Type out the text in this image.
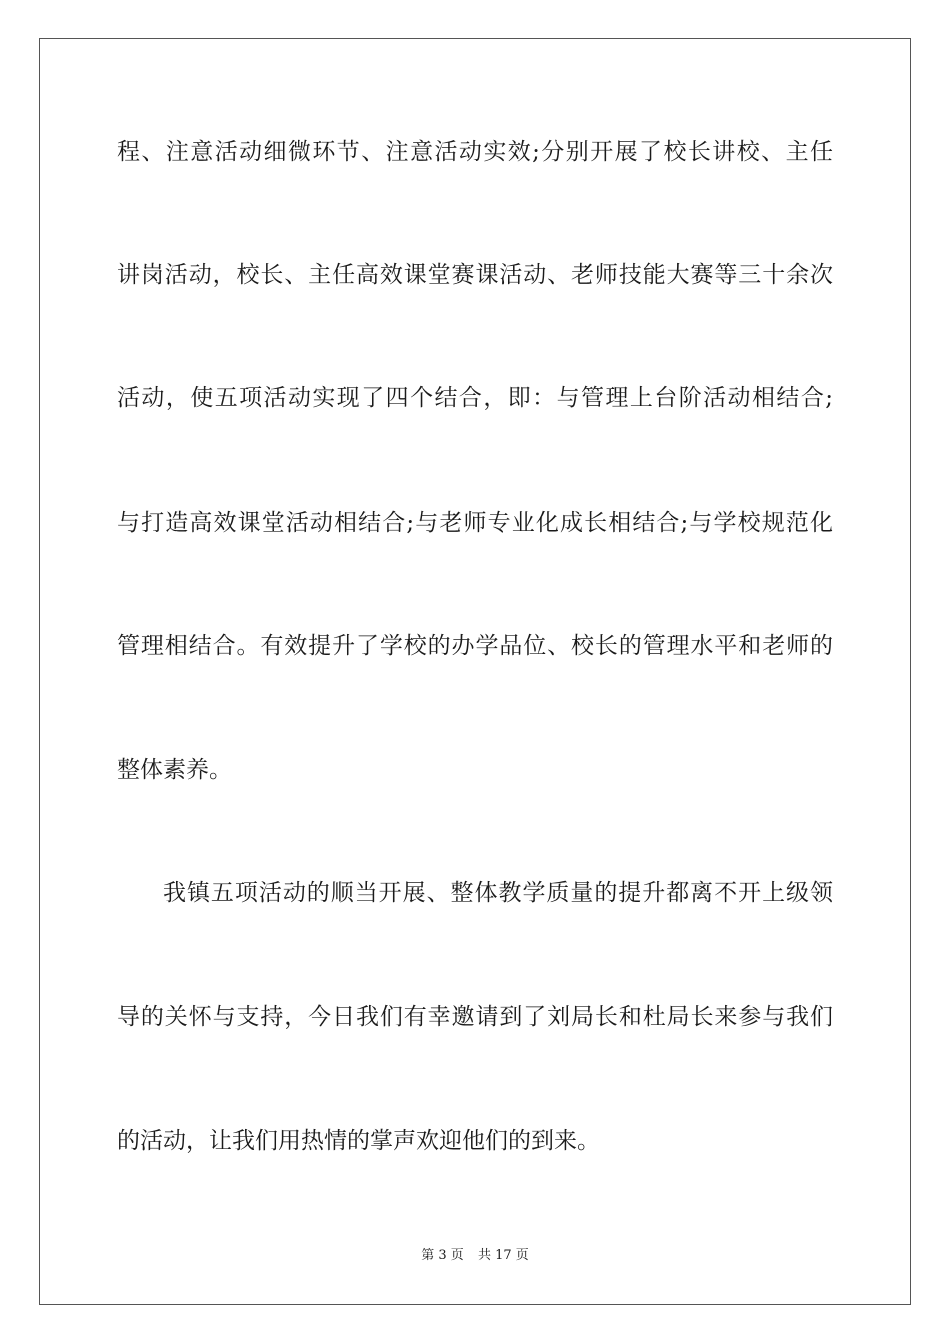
程、注意活动细微环节、注意活动实效;分别开展了校长讲校、主任
讲岗活动，校长、主任高效课堂赛课活动、老师技能大赛等三十余次
活动，使五项活动实现了四个结合，即：与管理上台阶活动相结合;
与打造高效课堂活动相结合;与老师专业化成长相结合;与学校规范化
管理相结合。有效提升了学校的办学品位、校长的管理水平和老师的
整体素养。
我镇五项活动的顺当开展、整体教学质量的提升都离不开上级领
导的关怀与支持，今日我们有幸邀请到了刘局长和杜局长来参与我们
的活动，让我们用热情的掌声欢迎他们的到来。
第 3 页 共 17 页
